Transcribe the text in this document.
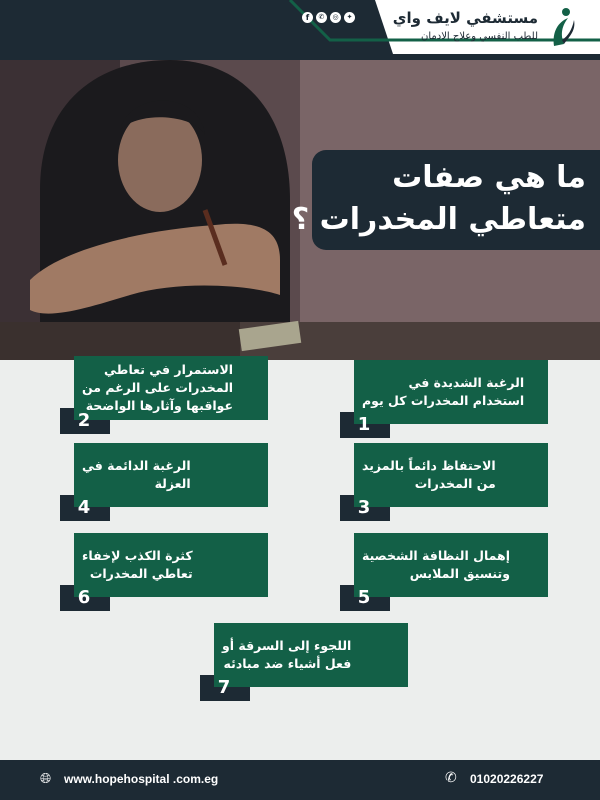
f	✆	◎	✦	مستشفي لايف واي
للطب النفسي وعلاج الادمان
ما هي صفات
متعاطي المخدرات ؟
الرغبة الشديدة في
استخدام المخدرات كل يوم
1
الاستمرار في تعاطي
المخدرات على الرغم من
عواقبها وآثارها الواضحة
2
الاحتفاظ دائماً بالمزيد
من المخدرات
3
الرغبة الدائمة في
العزلة
4
إهمال النظافة الشخصية
وتنسيق الملابس
5
كثرة الكذب لإخفاء
تعاطي المخدرات
6
اللجوء إلى السرقة أو
فعل أشياء ضد مبادئه
7
🌐︎	www.hopehospital .com.eg	✆	01020226227
